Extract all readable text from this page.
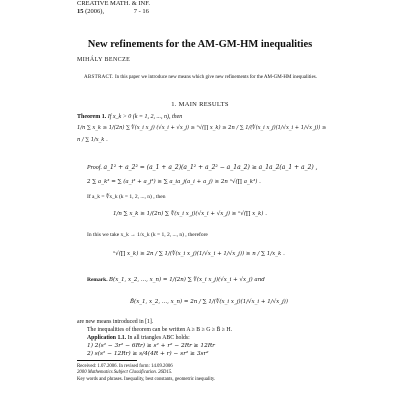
CREATIVE MATH. & INF.
15 (2006),	7 - 16
New refinements for the AM-GM-HM inequalities
MIHÁLY BENCZE
ABSTRACT. In this paper we introduce new means which give new refinements for the AM-GM-HM inequalities.
1. MAIN RESULTS
Theorem 1. If x_k > 0 (k = 1, 2, ..., n), then
1/n ∑ x_k ≥ 1/(2n) ∑ ∜(x_i x_j) (√x_i + √x_j) ≥ ⁿ√(∏ x_k) ≥ 2n / ∑ 1/(∜(x_i x_j)(1/√x_i + 1/√x_j)) ≥
n / ∑ 1/x_k .
Proof. a_1² + a_2² = (a_1 + a_2)(a_1² + a_2² − a_1a_2) ≥ a_1a_2(a_1 + a_2) ,
2 ∑ a_k³ = ∑ (a_i³ + a_j³) ≥ ∑ a_ia_j(a_i + a_j) ≥ 2n ⁿ√(∏ a_k³) .
If a_k = ∜x_k (k = 1, 2, ..., n) , then
1/n ∑ x_k ≥ 1/(2n) ∑ ∜(x_i x_j)(√x_i + √x_j) ≥ ⁿ√(∏ x_k) .
In this we take x_k → 1/x_k (k = 1, 2, ..., n) , therefore
ⁿ√(∏ x_k) ≥ 2n / ∑ 1/(∜(x_i x_j)(1/√x_i + 1/√x_j)) ≥ n / ∑ 1/x_k .
Remark. B(x_1, x_2, ..., x_n) = 1/(2n) ∑ ∜(x_i x_j)(√x_i + √x_j) and
B̄(x_1, x_2, ..., x_n) = 2n / ∑ 1/(∜(x_i x_j)(1/√x_i + 1/√x_j))
are new means introduced in [1].
The inequalities of theorem can be written A ≥ B ≥ G ≥ B̄ ≥ H.
Application 1.1. In all triangles ABC holds:
1) 2(s² − 3r² − 6Rr) ≥ s² + r² − 2Rr ≥ 12Rr
2) s(s² − 12Rr) ≥ s/4(4R + r) − sr² ≥ 3sr²
Received: 1.07.2006. In revised form: 14.09.2006
2000 Mathematics Subject Classification. 26D15.
Key words and phrases. Inequality, best constants, geometric inequality.
